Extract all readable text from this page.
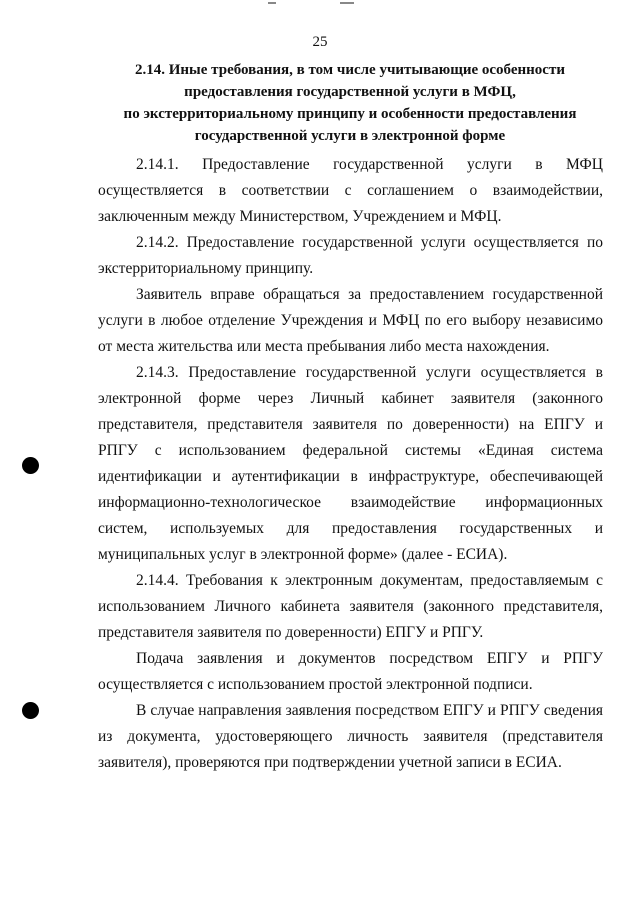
25
2.14. Иные требования, в том числе учитывающие особенности
предоставления государственной услуги в МФЦ,
по экстерриториальному принципу и особенности предоставления
государственной услуги в электронной форме

2.14.1. Предоставление государственной услуги в МФЦ осуществляется в соответствии с соглашением о взаимодействии, заключенным между Министерством, Учреждением и МФЦ.

2.14.2. Предоставление государственной услуги осуществляется по экстерриториальному принципу.

Заявитель вправе обращаться за предоставлением государственной услуги в любое отделение Учреждения и МФЦ по его выбору независимо от места жительства или места пребывания либо места нахождения.

2.14.3. Предоставление государственной услуги осуществляется в электронной форме через Личный кабинет заявителя (законного представителя, представителя заявителя по доверенности) на ЕПГУ и РПГУ с использованием федеральной системы «Единая система идентификации и аутентификации в инфраструктуре, обеспечивающей информационно-технологическое взаимодействие информационных систем, используемых для предоставления государственных и муниципальных услуг в электронной форме» (далее - ЕСИА).

2.14.4. Требования к электронным документам, предоставляемым с использованием Личного кабинета заявителя (законного представителя, представителя заявителя по доверенности) ЕПГУ и РПГУ.

Подача заявления и документов посредством ЕПГУ и РПГУ осуществляется с использованием простой электронной подписи.

В случае направления заявления посредством ЕПГУ и РПГУ сведения из документа, удостоверяющего личность заявителя (представителя заявителя), проверяются при подтверждении учетной записи в ЕСИА.
